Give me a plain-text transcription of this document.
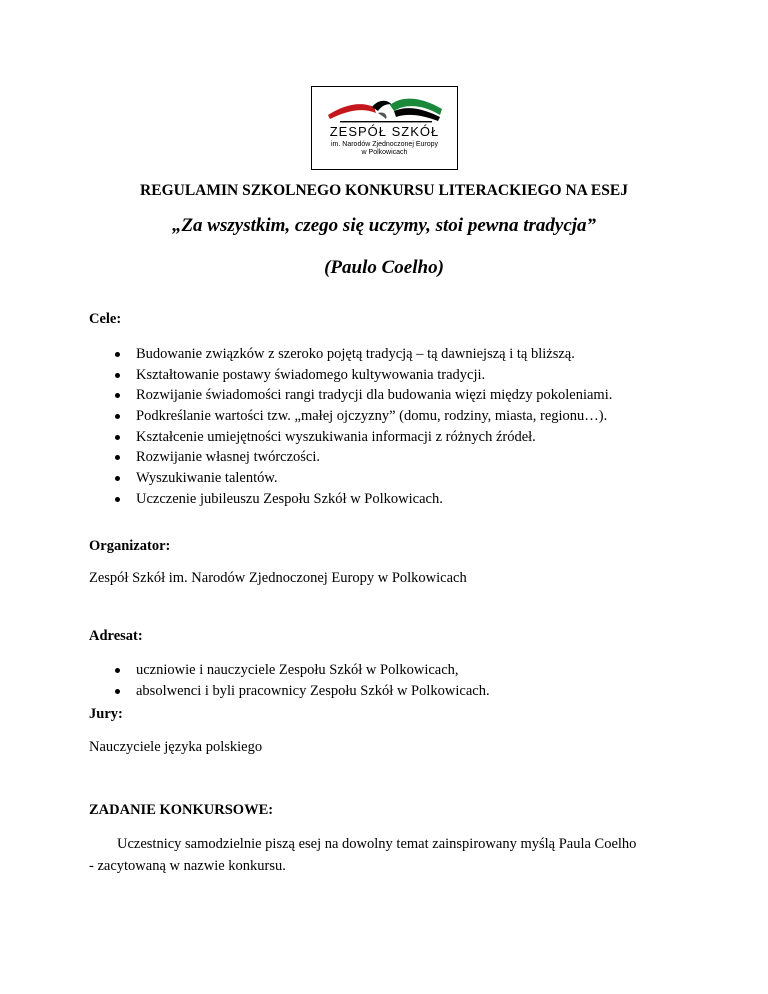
ZESPÓŁ SZKÓŁ
im. Narodów Zjednoczonej Europy
w Polkowicach
REGULAMIN SZKOLNEGO KONKURSU LITERACKIEGO NA ESEJ
„Za wszystkim, czego się uczymy, stoi pewna tradycja”
(Paulo Coelho)
Cele:
Budowanie związków z szeroko pojętą tradycją – tą dawniejszą i tą bliższą.
Kształtowanie postawy świadomego kultywowania tradycji.
Rozwijanie świadomości rangi tradycji dla budowania więzi między pokoleniami.
Podkreślanie wartości tzw. „małej ojczyzny” (domu, rodziny, miasta, regionu…).
Kształcenie umiejętności wyszukiwania informacji z różnych źródeł.
Rozwijanie własnej twórczości.
Wyszukiwanie talentów.
Uczczenie jubileuszu Zespołu Szkół w Polkowicach.
Organizator:
Zespół Szkół im. Narodów Zjednoczonej Europy w Polkowicach
Adresat:
uczniowie i nauczyciele Zespołu Szkół w Polkowicach,
absolwenci i byli pracownicy Zespołu Szkół w Polkowicach.
Jury:
Nauczyciele języka polskiego
ZADANIE KONKURSOWE:
Uczestnicy samodzielnie piszą esej na dowolny temat zainspirowany myślą Paula Coelho
- zacytowaną w nazwie konkursu.
